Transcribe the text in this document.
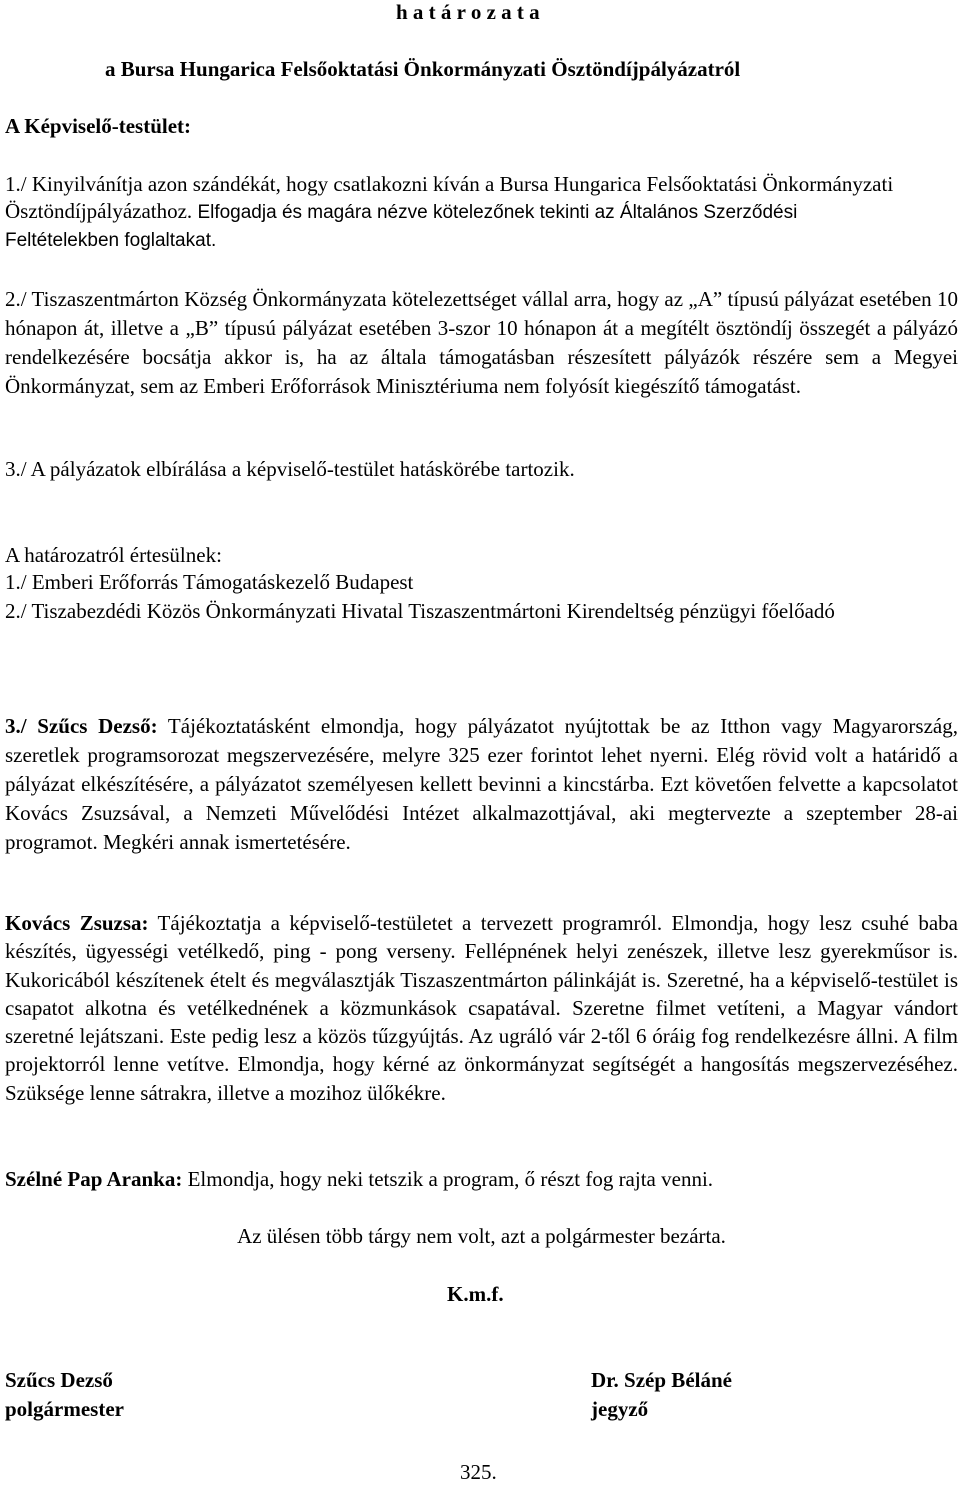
h a t á r o z a t a
a Bursa Hungarica Felsőoktatási Önkormányzati Ösztöndíjpályázatról
A Képviselő-testület:
1./ Kinyilvánítja azon szándékát, hogy csatlakozni kíván a Bursa Hungarica Felsőoktatási Önkormányzati Ösztöndíjpályázathoz. Elfogadja és magára nézve kötelezőnek tekinti az Általános Szerződési Feltételekben foglaltakat.

2./ Tiszaszentmárton Község Önkormányzata kötelezettséget vállal arra, hogy az „A” típusú pályázat esetében 10 hónapon át, illetve a „B” típusú pályázat esetében 3-szor 10 hónapon át a megítélt ösztöndíj összegét a pályázó rendelkezésére bocsátja akkor is, ha az általa támogatásban részesített pályázók részére sem a Megyei Önkormányzat, sem az Emberi Erőforrások Minisztériuma nem folyósít kiegészítő támogatást.

3./ A pályázatok elbírálása a képviselő-testület hatáskörébe tartozik.
A határozatról értesülnek:
1./ Emberi Erőforrás Támogatáskezelő Budapest

2./ Tiszabezdédi Közös Önkormányzati Hivatal Tiszaszentmártoni Kirendeltség pénzügyi főelőadó

3./ Szűcs Dezső: Tájékoztatásként elmondja, hogy pályázatot nyújtottak be az Itthon vagy Magyarország, szeretlek programsorozat megszervezésére, melyre 325 ezer forintot lehet nyerni. Elég rövid volt a határidő a pályázat elkészítésére, a pályázatot személyesen kellett bevinni a kincstárba. Ezt követően felvette a kapcsolatot Kovács Zsuzsával, a Nemzeti Művelődési Intézet alkalmazottjával, aki megtervezte a szeptember 28-ai programot. Megkéri annak ismertetésére.

Kovács Zsuzsa: Tájékoztatja a képviselő-testületet a tervezett programról. Elmondja, hogy lesz csuhé baba készítés, ügyességi vetélkedő, ping - pong verseny. Fellépnének helyi zenészek, illetve lesz gyerekműsor is. Kukoricából készítenek ételt és megválasztják Tiszaszentmárton pálinkáját is. Szeretné, ha a képviselő-testület is csapatot alkotna és vetélkednének a közmunkások csapatával. Szeretne filmet vetíteni, a Magyar vándort szeretné lejátszani. Este pedig lesz a közös tűzgyújtás. Az ugráló vár 2-től 6 óráig fog rendelkezésre állni. A film projektorról lenne vetítve. Elmondja, hogy kérné az önkormányzat segítségét a hangosítás megszervezéséhez. Szüksége lenne sátrakra, illetve a mozihoz ülőkékre.

Szélné Pap Aranka: Elmondja, hogy neki tetszik a program, ő részt fog rajta venni.

Az ülésen több tárgy nem volt, azt a polgármester bezárta.
K.m.f.
Szűcs Dezső
polgármester
Dr. Szép Béláné
jegyző
325.
